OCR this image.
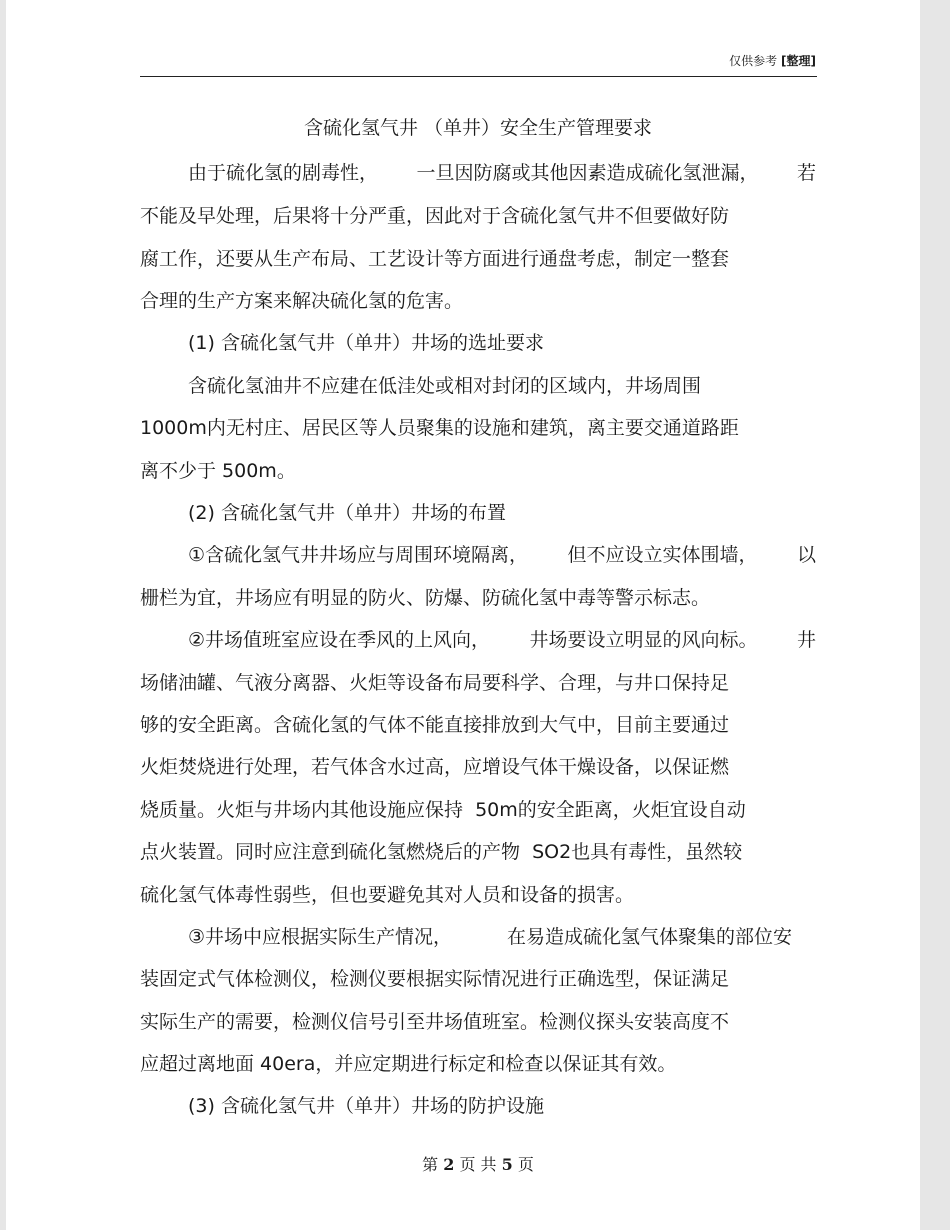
仅供参考 [整理]
含硫化氢气井 （单井）安全生产管理要求
由于硫化氢的剧毒性， 一旦因防腐或其他因素造成硫化氢泄漏， 若
不能及早处理，后果将十分严重，因此对于含硫化氢气井不但要做好防
腐工作，还要从生产布局、工艺设计等方面进行通盘考虑，制定一整套
合理的生产方案来解决硫化氢的危害。
(1) 含硫化氢气井（单井）井场的选址要求
含硫化氢油井不应建在低洼处或相对封闭的区域内，井场周围
1000m内无村庄、居民区等人员聚集的设施和建筑，离主要交通道路距
离不少于 500m。
(2) 含硫化氢气井（单井）井场的布置
①含硫化氢气井井场应与周围环境隔离， 但不应设立实体围墙， 以
栅栏为宜，井场应有明显的防火、防爆、防硫化氢中毒等警示标志。
②井场值班室应设在季风的上风向， 井场要设立明显的风向标。 井
场储油罐、气液分离器、火炬等设备布局要科学、合理，与井口保持足
够的安全距离。含硫化氢的气体不能直接排放到大气中，目前主要通过
火炬焚烧进行处理，若气体含水过高，应增设气体干燥设备，以保证燃
烧质量。火炬与井场内其他设施应保持  50m的安全距离，火炬宜设自动
点火装置。同时应注意到硫化氢燃烧后的产物  SO2也具有毒性，虽然较
硫化氢气体毒性弱些，但也要避免其对人员和设备的损害。
③井场中应根据实际生产情况，	在易造成硫化氢气体聚集的部位安
装固定式气体检测仪，检测仪要根据实际情况进行正确选型，保证满足
实际生产的需要，检测仪信号引至井场值班室。检测仪探头安装高度不
应超过离地面 40era，并应定期进行标定和检查以保证其有效。
(3) 含硫化氢气井（单井）井场的防护设施
第 2 页 共 5 页
